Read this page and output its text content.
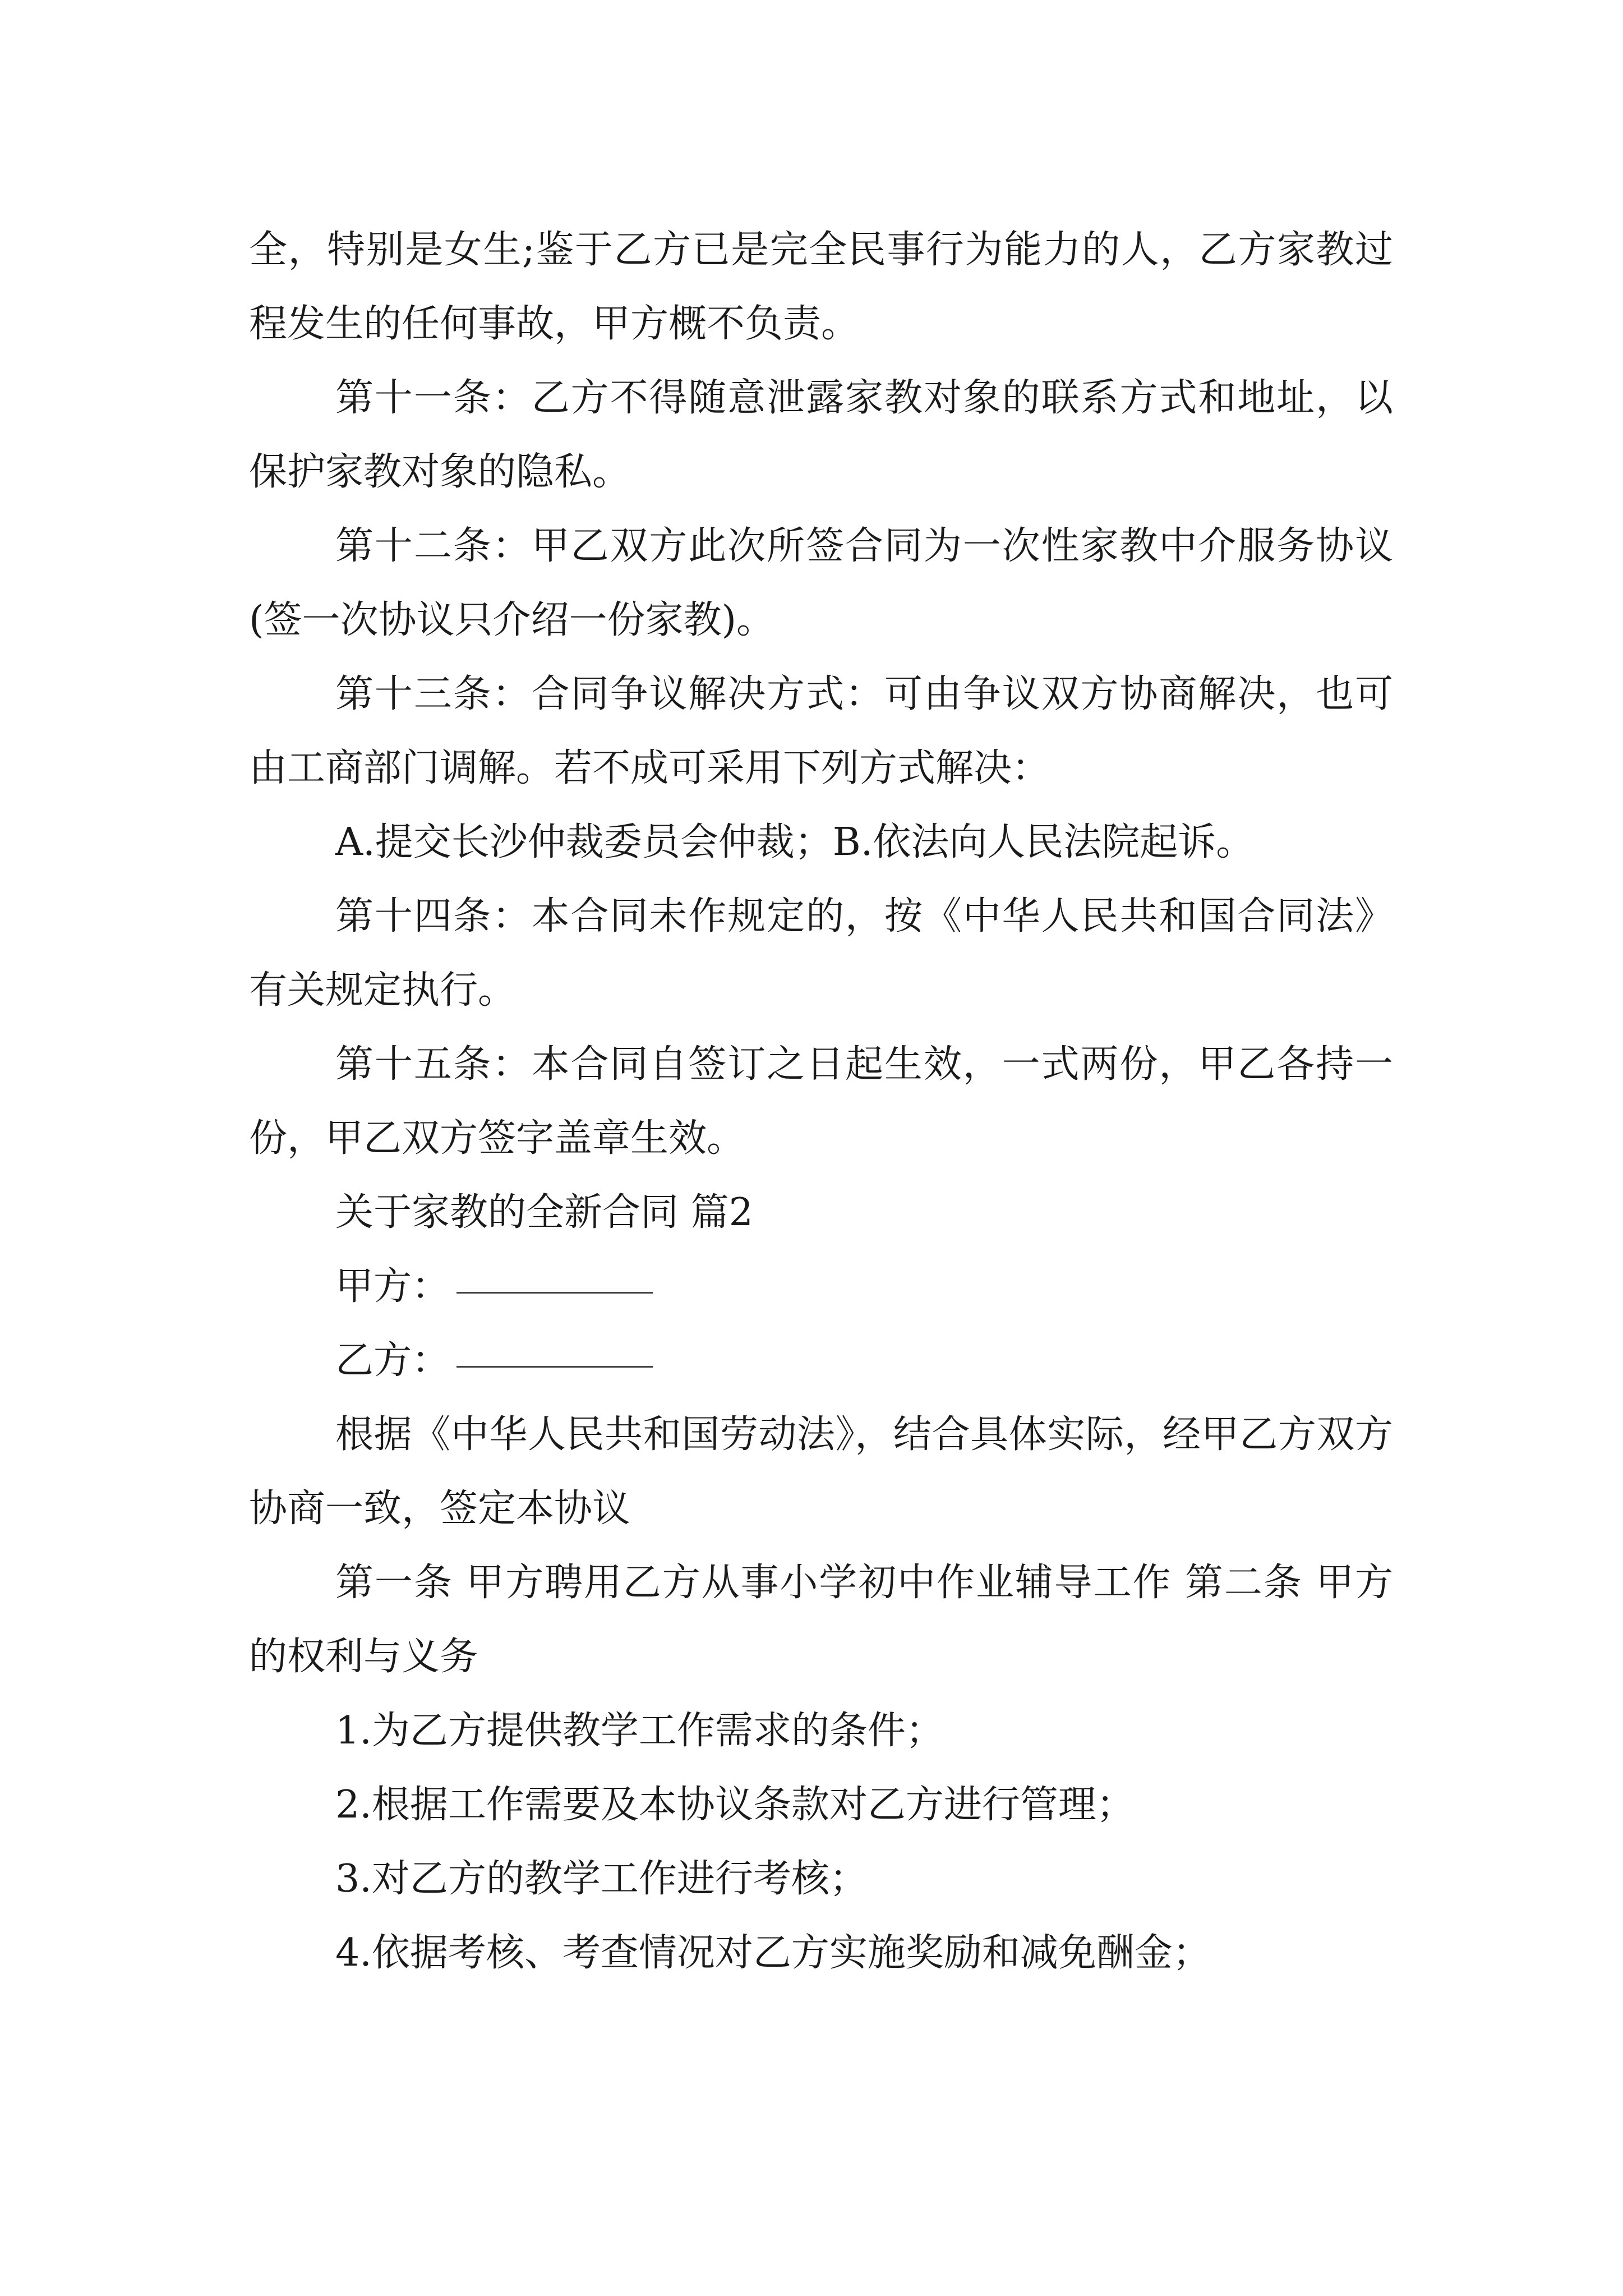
全，特别是女生;鉴于乙方已是完全民事行为能力的人，乙方家教过程发生的任何事故，甲方概不负责。

第十一条：乙方不得随意泄露家教对象的联系方式和地址，以保护家教对象的隐私。

第十二条：甲乙双方此次所签合同为一次性家教中介服务协议(签一次协议只介绍一份家教)。

第十三条：合同争议解决方式：可由争议双方协商解决，也可由工商部门调解。若不成可采用下列方式解决：

A.提交长沙仲裁委员会仲裁；B.依法向人民法院起诉。

第十四条：本合同未作规定的，按《中华人民共和国合同法》有关规定执行。

第十五条：本合同自签订之日起生效，一式两份，甲乙各持一份，甲乙双方签字盖章生效。

关于家教的全新合同 篇2

甲方：

乙方：

根据《中华人民共和国劳动法》，结合具体实际，经甲乙方双方协商一致，签定本协议

第一条 甲方聘用乙方从事小学初中作业辅导工作 第二条 甲方的权利与义务

1.为乙方提供教学工作需求的条件；

2.根据工作需要及本协议条款对乙方进行管理；

3.对乙方的教学工作进行考核；

4.依据考核、考查情况对乙方实施奖励和减免酬金；
